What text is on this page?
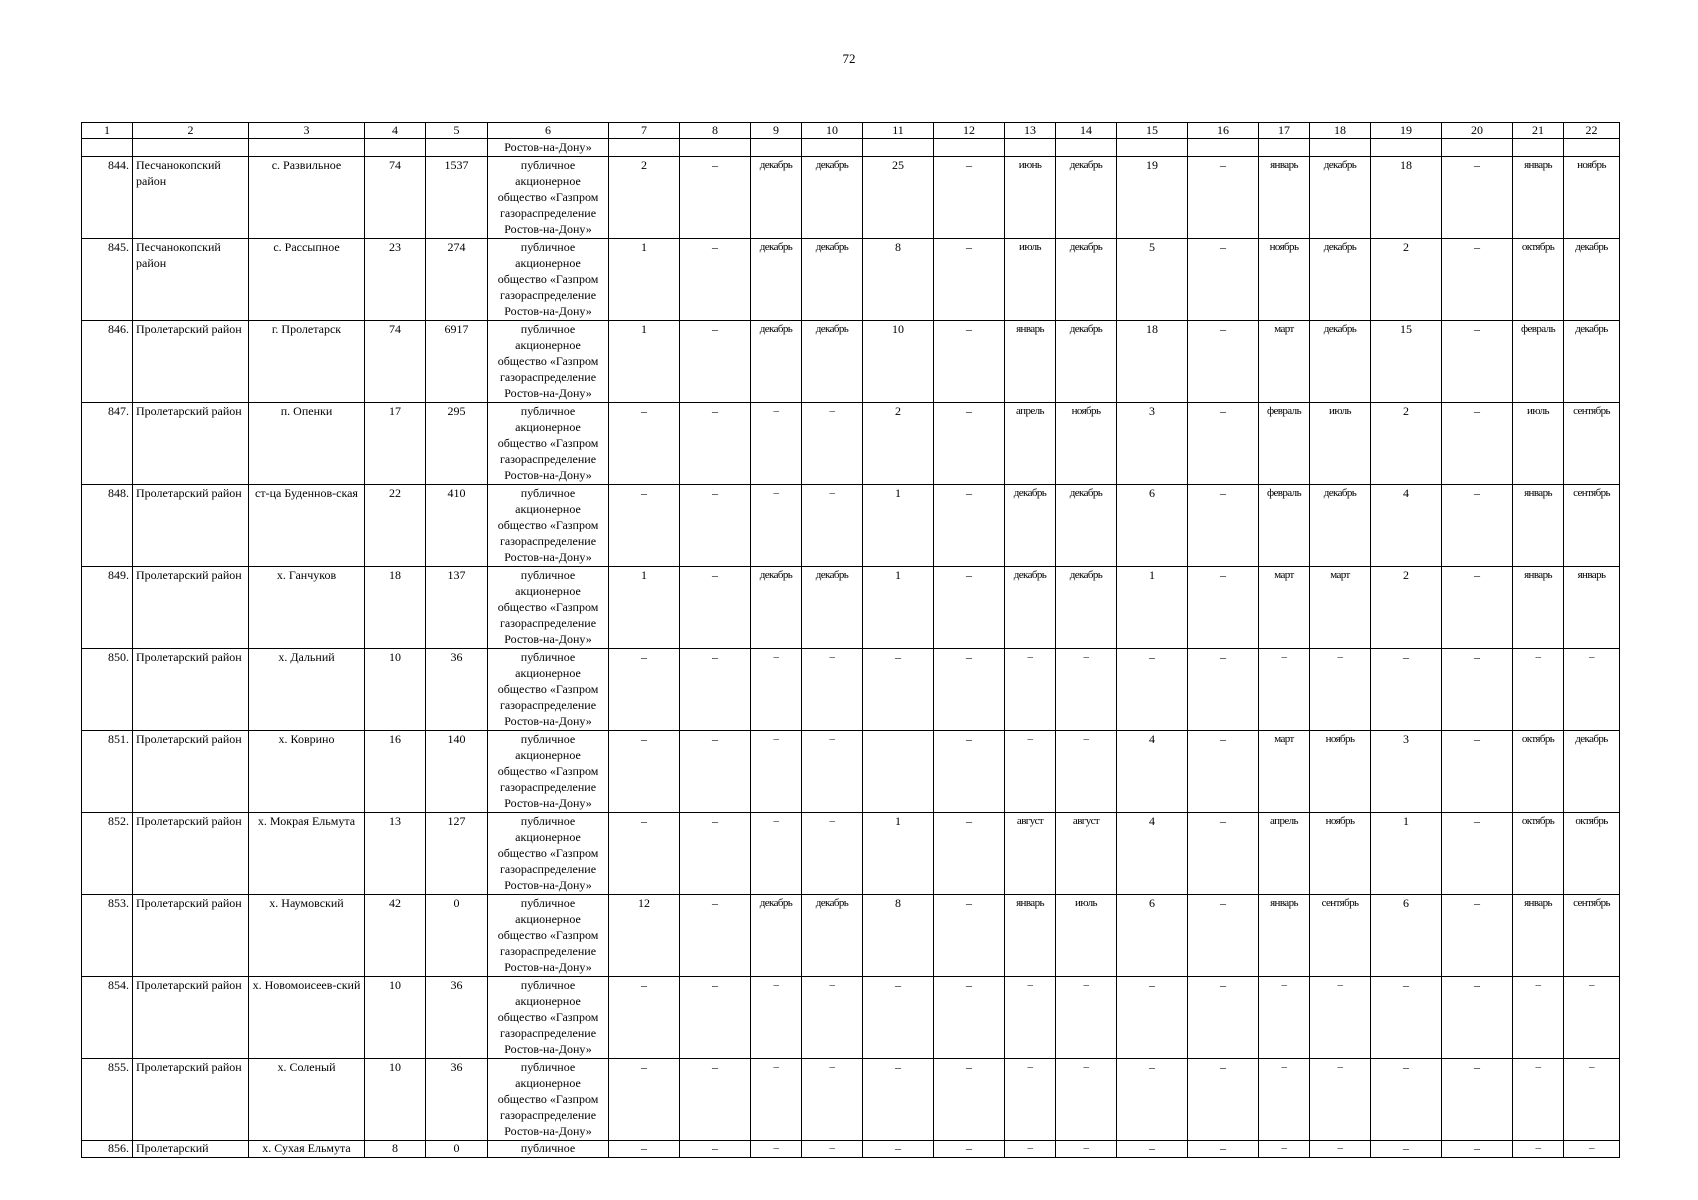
72
1	2	3	4	5	6	7	8	9	10	11	12	13	14	15	16	17	18	19	20	21	22
					Ростов-на-Дону»																
844.	Песчанокопский район	с. Развильное	74	1537	публичное акционерное общество «Газпром газораспределение Ростов-на-Дону»	2	–	декабрь	декабрь	25	–	июнь	декабрь	19	–	январь	декабрь	18	–	январь	ноябрь
845.	Песчанокопский район	с. Рассыпное	23	274	публичное акционерное общество «Газпром газораспределение Ростов-на-Дону»	1	–	декабрь	декабрь	8	–	июль	декабрь	5	–	ноябрь	декабрь	2	–	октябрь	декабрь
846.	Пролетарский район	г. Пролетарск	74	6917	публичное акционерное общество «Газпром газораспределение Ростов-на-Дону»	1	–	декабрь	декабрь	10	–	январь	декабрь	18	–	март	декабрь	15	–	февраль	декабрь
847.	Пролетарский район	п. Опенки	17	295	публичное акционерное общество «Газпром газораспределение Ростов-на-Дону»	–	–	–	–	2	–	апрель	ноябрь	3	–	февраль	июль	2	–	июль	сентябрь
848.	Пролетарский район	ст-ца Буденнов-ская	22	410	публичное акционерное общество «Газпром газораспределение Ростов-на-Дону»	–	–	–	–	1	–	декабрь	декабрь	6	–	февраль	декабрь	4	–	январь	сентябрь
849.	Пролетарский район	х. Ганчуков	18	137	публичное акционерное общество «Газпром газораспределение Ростов-на-Дону»	1	–	декабрь	декабрь	1	–	декабрь	декабрь	1	–	март	март	2	–	январь	январь
850.	Пролетарский район	х. Дальний	10	36	публичное акционерное общество «Газпром газораспределение Ростов-на-Дону»	–	–	–	–	–	–	–	–	–	–	–	–	–	–	–	–
851.	Пролетарский район	х. Коврино	16	140	публичное акционерное общество «Газпром газораспределение Ростов-на-Дону»	–	–	–	–		–	–	–	4	–	март	ноябрь	3	–	октябрь	декабрь
852.	Пролетарский район	х. Мокрая Ельмута	13	127	публичное акционерное общество «Газпром газораспределение Ростов-на-Дону»	–	–	–	–	1	–	август	август	4	–	апрель	ноябрь	1	–	октябрь	октябрь
853.	Пролетарский район	х. Наумовский	42	0	публичное акционерное общество «Газпром газораспределение Ростов-на-Дону»	12	–	декабрь	декабрь	8	–	январь	июль	6	–	январь	сентябрь	6	–	январь	сентябрь
854.	Пролетарский район	х. Новомоисеев-ский	10	36	публичное акционерное общество «Газпром газораспределение Ростов-на-Дону»	–	–	–	–	–	–	–	–	–	–	–	–	–	–	–	–
855.	Пролетарский район	х. Соленый	10	36	публичное акционерное общество «Газпром газораспределение Ростов-на-Дону»	–	–	–	–	–	–	–	–	–	–	–	–	–	–	–	–
856.	Пролетарский	х. Сухая Ельмута	8	0	публичное	–	–	–	–	–	–	–	–	–	–	–	–	–	–	–	–
